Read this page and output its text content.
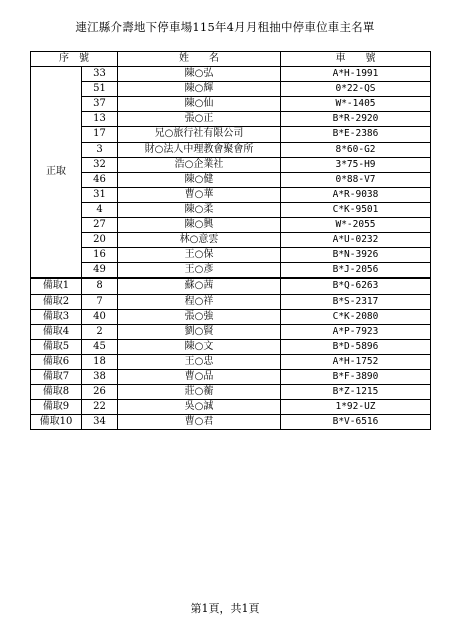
連江縣介壽地下停車場115年4月月租抽中停車位車主名單
序　號		姓　　名	車　　號
正取	33	陳○弘	A*H-1991
	51	陳○輝	0*22-QS
	37	陳○仙	W*-1405
	13	張○正	B*R-2920
	17	兄○旅行社有限公司	B*E-2386
	3	財○法人中理教會聚會所	8*60-G2
	32	浩○企業社	3*75-H9
	46	陳○健	0*88-V7
	31	曹○華	A*R-9038
	4	陳○柔	C*K-9501
	27	陳○興	W*-2055
	20	林○意雲	A*U-0232
	16	王○保	B*N-3926
	49	王○彥	B*J-2056
備取1	8	蘇○茜	B*Q-6263
備取2	7	程○祥	B*S-2317
備取3	40	張○強	C*K-2080
備取4	2	劉○賢	A*P-7923
備取5	45	陳○文	B*D-5896
備取6	18	王○忠	A*H-1752
備取7	38	曹○品	B*F-3890
備取8	26	莊○蘅	B*Z-1215
備取9	22	吳○誠	1*92-UZ
備取10	34	曹○君	B*V-6516
第1頁，共1頁
